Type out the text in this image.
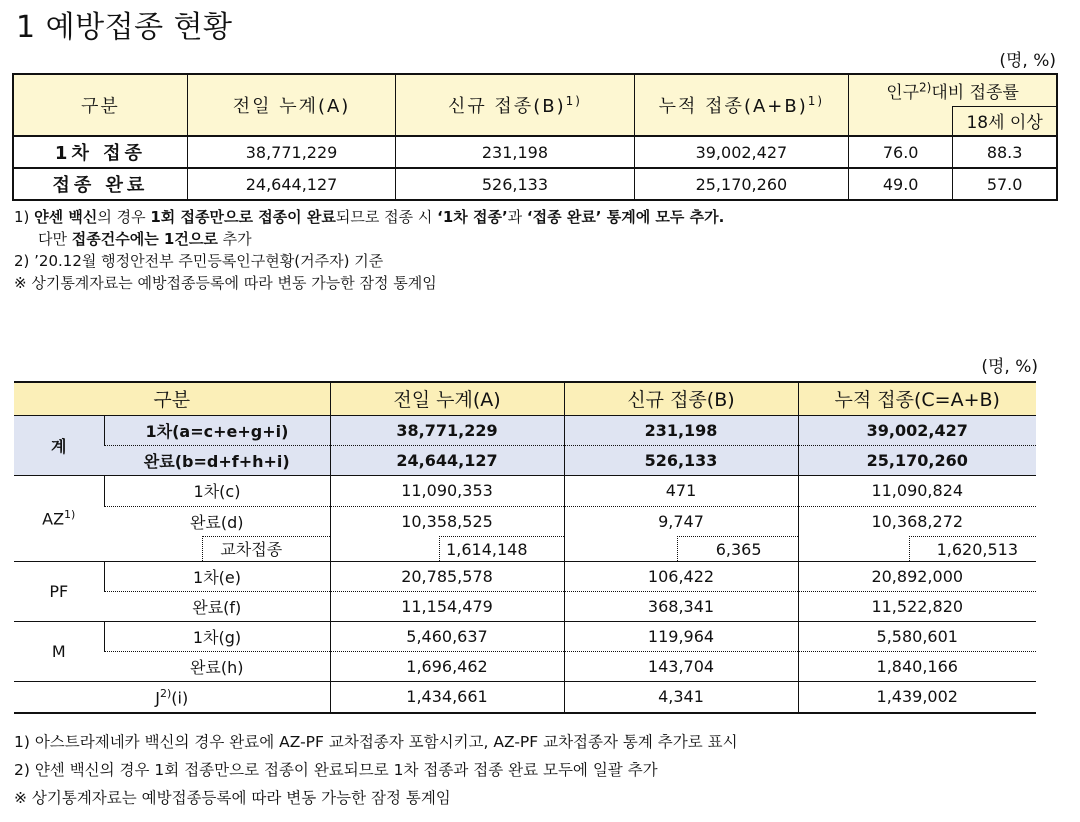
1 예방접종 현황
(명, %)
구분	전일 누계(A)	신규 접종$(B)^{1)}$	누적 접종$(A+B)^{1)}$	인구$^{2)}$대비 접종률	
					18세 이상
1차 접종	38,771,229	231,198	39,002,427	76.0	88.3
접종 완료	24,644,127	526,133	25,170,260	49.0	57.0
1) 얀센 백신의 경우 1회 접종만으로 접종이 완료되므로 접종 시 ‘1차 접종’과 ‘접종 완료’ 통계에 모두 추가.
다만 접종건수에는 1건으로 추가
2) ’20.12월 행정안전부 주민등록인구현황(거주자) 기준
※ 상기통계자료는 예방접종등록에 따라 변동 가능한 잠정 통계임
(명, %)
구분		전일 누계(A)	신규 접종(B)	누적 접종(C=A+B)
계	1차(a=c+e+g+i)	38,771,229	231,198	39,002,427
	완료(b=d+f+h+i)	24,644,127	526,133	25,170,260
AZ$^{1)}$	1차(c)	11,090,353	471	11,090,824
	완료(d)	10,358,525	9,747	10,368,272

	교차접종	1,614,148	6,365	1,620,513

PF	1차(e)	20,785,578	106,422	20,892,000
	완료(f)	11,154,479	368,341	11,522,820
M	1차(g)	5,460,637	119,964	5,580,601
	완료(h)	1,696,462	143,704	1,840,166
$J^{2)}(i)$		1,434,661	4,341	1,439,002
1) 아스트라제네카 백신의 경우 완료에 AZ-PF 교차접종자 포함시키고, AZ-PF 교차접종자 통계 추가로 표시
2) 얀센 백신의 경우 1회 접종만으로 접종이 완료되므로 1차 접종과 접종 완료 모두에 일괄 추가
※ 상기통계자료는 예방접종등록에 따라 변동 가능한 잠정 통계임
